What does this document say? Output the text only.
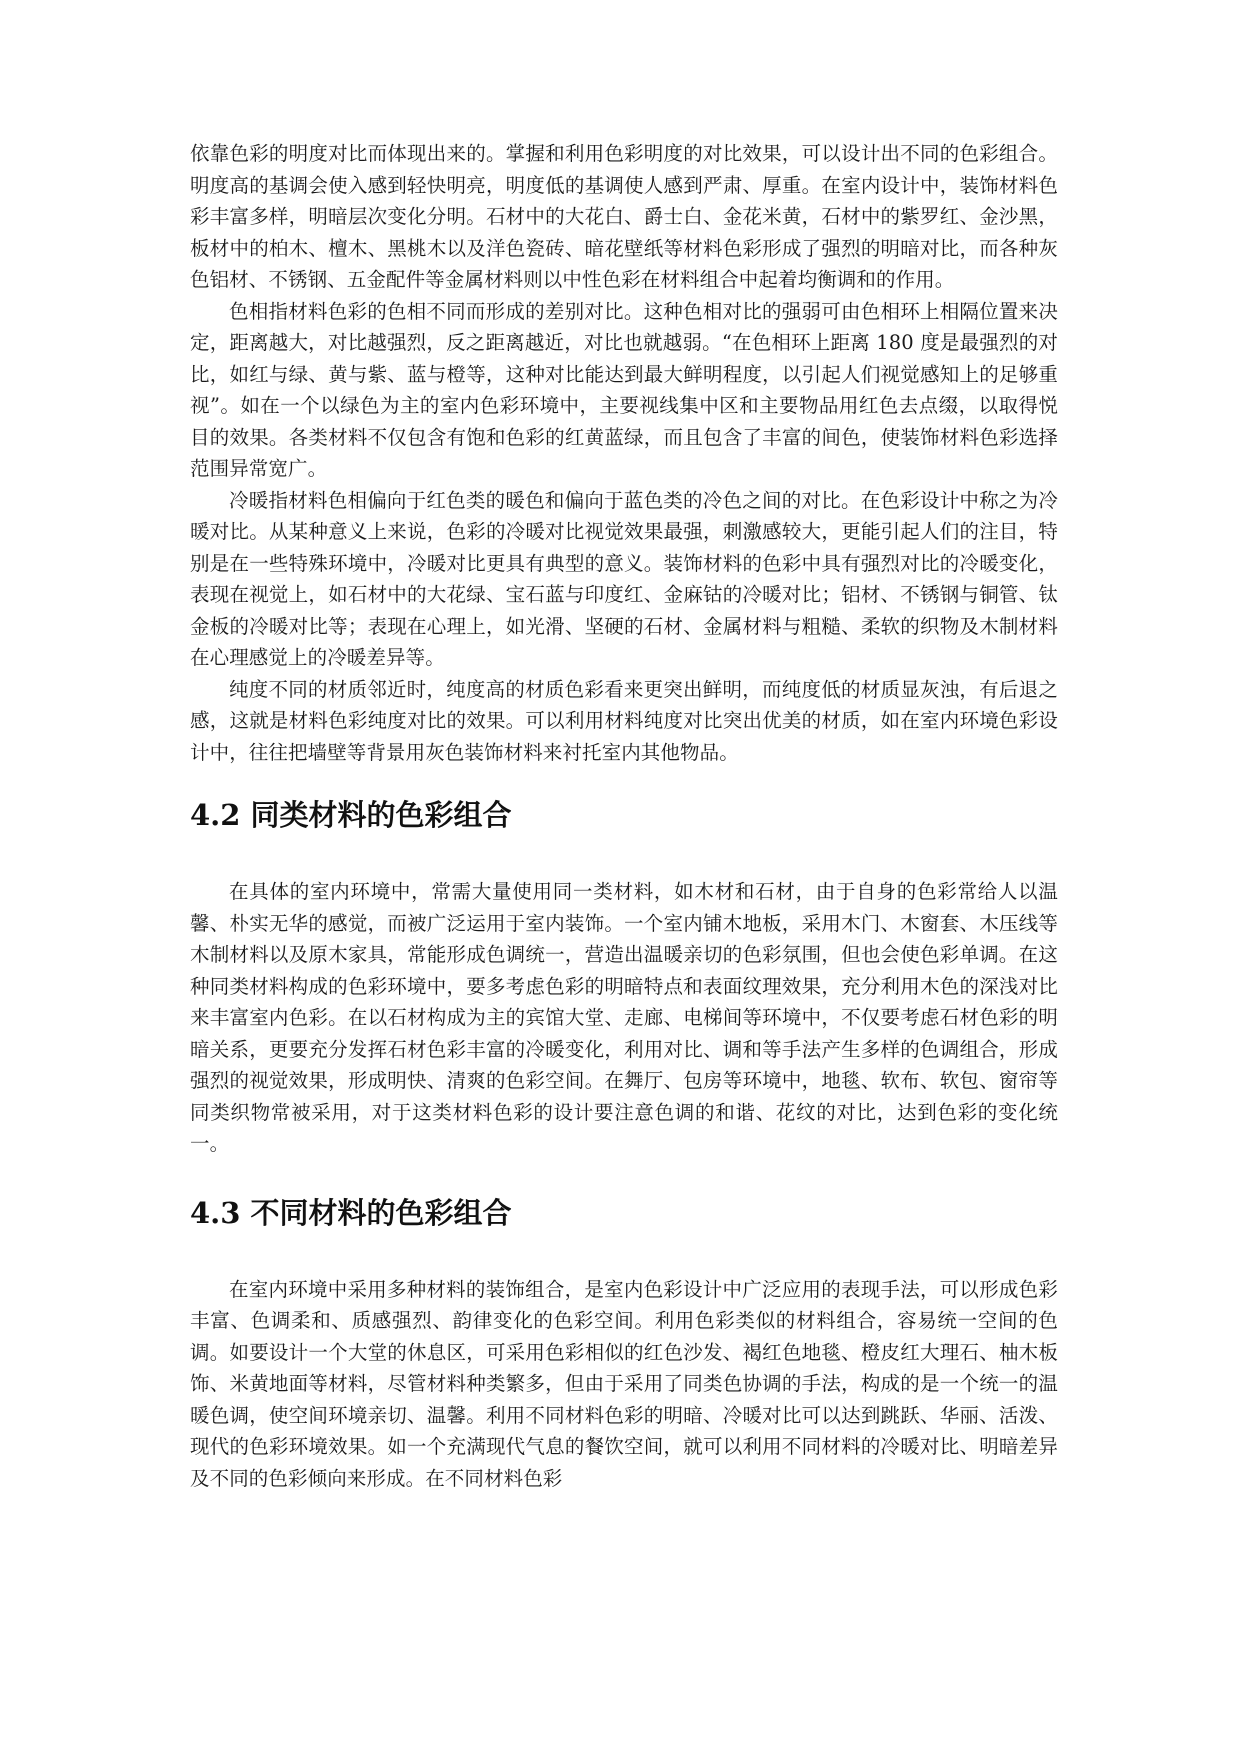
依靠色彩的明度对比而体现出来的。掌握和利用色彩明度的对比效果，可以设计出不同的色彩组合。明度高的基调会使入感到轻快明亮，明度低的基调使人感到严肃、厚重。在室内设计中，装饰材料色彩丰富多样，明暗层次变化分明。石材中的大花白、爵士白、金花米黄，石材中的紫罗红、金沙黑，板材中的柏木、檀木、黑桃木以及洋色瓷砖、暗花壁纸等材料色彩形成了强烈的明暗对比，而各种灰色铝材、不锈钢、五金配件等金属材料则以中性色彩在材料组合中起着均衡调和的作用。

色相指材料色彩的色相不同而形成的差别对比。这种色相对比的强弱可由色相环上相隔位置来决定，距离越大，对比越强烈，反之距离越近，对比也就越弱。“在色相环上距离 180 度是最强烈的对比，如红与绿、黄与紫、蓝与橙等，这种对比能达到最大鲜明程度，以引起人们视觉感知上的足够重视”。如在一个以绿色为主的室内色彩环境中，主要视线集中区和主要物品用红色去点缀，以取得悦目的效果。各类材料不仅包含有饱和色彩的红黄蓝绿，而且包含了丰富的间色，使装饰材料色彩选择范围异常宽广。

冷暖指材料色相偏向于红色类的暖色和偏向于蓝色类的冷色之间的对比。在色彩设计中称之为冷暖对比。从某种意义上来说，色彩的冷暖对比视觉效果最强，刺激感较大，更能引起人们的注目，特别是在一些特殊环境中，冷暖对比更具有典型的意义。装饰材料的色彩中具有强烈对比的冷暖变化，表现在视觉上，如石材中的大花绿、宝石蓝与印度红、金麻钴的冷暖对比；铝材、不锈钢与铜管、钛金板的冷暖对比等；表现在心理上，如光滑、坚硬的石材、金属材料与粗糙、柔软的织物及木制材料在心理感觉上的冷暖差异等。

纯度不同的材质邻近时，纯度高的材质色彩看来更突出鲜明，而纯度低的材质显灰浊，有后退之感，这就是材料色彩纯度对比的效果。可以利用材料纯度对比突出优美的材质，如在室内环境色彩设计中，往往把墙壁等背景用灰色装饰材料来衬托室内其他物品。

4.2 同类材料的色彩组合

在具体的室内环境中，常需大量使用同一类材料，如木材和石材，由于自身的色彩常给人以温馨、朴实无华的感觉，而被广泛运用于室内装饰。一个室内铺木地板，采用木门、木窗套、木压线等木制材料以及原木家具，常能形成色调统一，营造出温暖亲切的色彩氛围，但也会使色彩单调。在这种同类材料构成的色彩环境中，要多考虑色彩的明暗特点和表面纹理效果，充分利用木色的深浅对比来丰富室内色彩。在以石材构成为主的宾馆大堂、走廊、电梯间等环境中，不仅要考虑石材色彩的明暗关系，更要充分发挥石材色彩丰富的冷暖变化，利用对比、调和等手法产生多样的色调组合，形成强烈的视觉效果，形成明快、清爽的色彩空间。在舞厅、包房等环境中，地毯、软布、软包、窗帘等同类织物常被采用，对于这类材料色彩的设计要注意色调的和谐、花纹的对比，达到色彩的变化统一。

4.3 不同材料的色彩组合

在室内环境中采用多种材料的装饰组合，是室内色彩设计中广泛应用的表现手法，可以形成色彩丰富、色调柔和、质感强烈、韵律变化的色彩空间。利用色彩类似的材料组合，容易统一空间的色调。如要设计一个大堂的休息区，可采用色彩相似的红色沙发、褐红色地毯、橙皮红大理石、柚木板饰、米黄地面等材料，尽管材料种类繁多，但由于采用了同类色协调的手法，构成的是一个统一的温暖色调，使空间环境亲切、温馨。利用不同材料色彩的明暗、冷暖对比可以达到跳跃、华丽、活泼、现代的色彩环境效果。如一个充满现代气息的餐饮空间，就可以利用不同材料的冷暖对比、明暗差异及不同的色彩倾向来形成。在不同材料色彩
